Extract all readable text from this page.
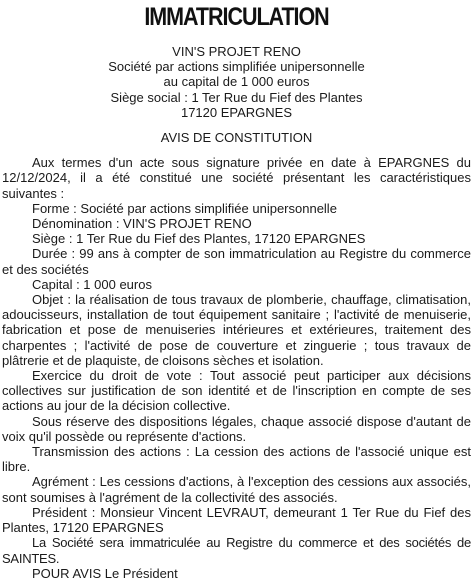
IMMATRICULATION
VIN'S PROJET RENO
Société par actions simplifiée unipersonnelle
au capital de 1 000 euros
Siège social : 1 Ter Rue du Fief des Plantes
17120 EPARGNES
AVIS DE CONSTITUTION

Aux termes d'un acte sous signature privée en date à EPARGNES du 12/12/2024, il a été constitué une société présentant les caractéristiques suivantes :

Forme : Société par actions simplifiée unipersonnelle

Dénomination : VIN'S PROJET RENO

Siège : 1 Ter Rue du Fief des Plantes, 17120 EPARGNES

Durée : 99 ans à compter de son immatriculation au Registre du commerce et des sociétés

Capital : 1 000 euros

Objet : la réalisation de tous travaux de plomberie, chauffage, climatisation, adoucisseurs, installation de tout équipement sanitaire ; l'activité de menuiserie, fabrication et pose de menuiseries intérieures et extérieures, traitement des charpentes ; l'activité de pose de couverture et zinguerie ; tous travaux de plâtrerie et de plaquiste, de cloisons sèches et isolation.

Exercice du droit de vote : Tout associé peut participer aux décisions collectives sur justification de son identité et de l'inscription en compte de ses actions au jour de la décision collective.

Sous réserve des dispositions légales, chaque associé dispose d'autant de voix qu'il possède ou représente d'actions.

Transmission des actions : La cession des actions de l'associé unique est libre.

Agrément : Les cessions d'actions, à l'exception des cessions aux associés, sont soumises à l'agrément de la collectivité des associés.

Président : Monsieur Vincent LEVRAUT, demeurant 1 Ter Rue du Fief des Plantes, 17120 EPARGNES

La Société sera immatriculée au Registre du commerce et des sociétés de SAINTES.

POUR AVIS Le Président
